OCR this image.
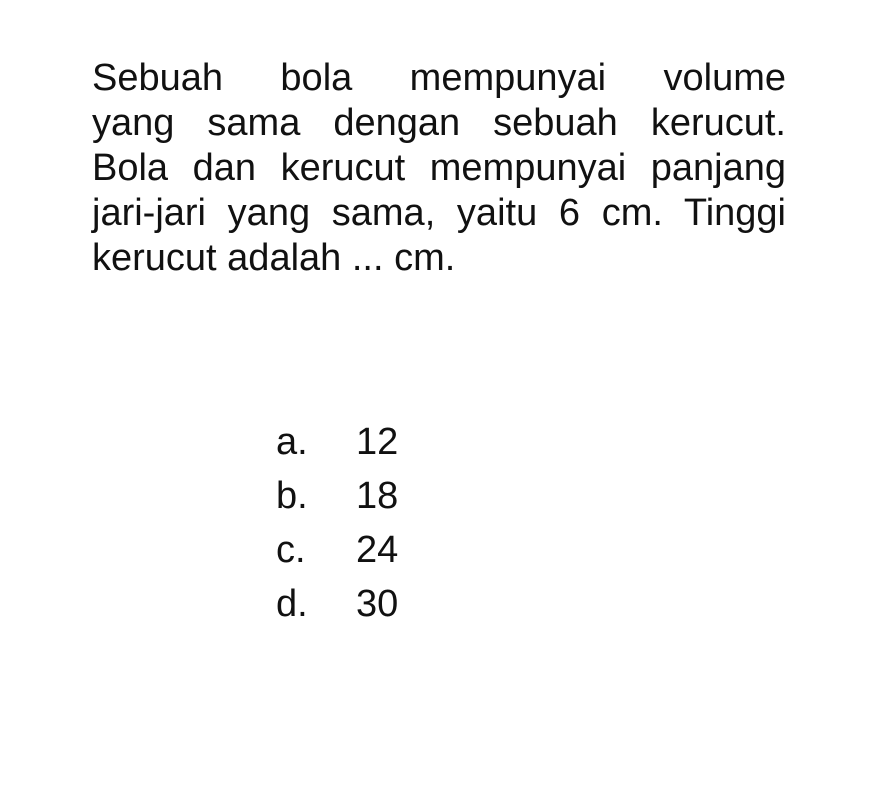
Sebuah bola mempunyai volume
yang sama dengan sebuah kerucut.
Bola dan kerucut mempunyai panjang
jari-jari yang sama, yaitu 6 cm. Tinggi
kerucut adalah ... cm.
a.	12
b.	18
c.	24
d.	30
